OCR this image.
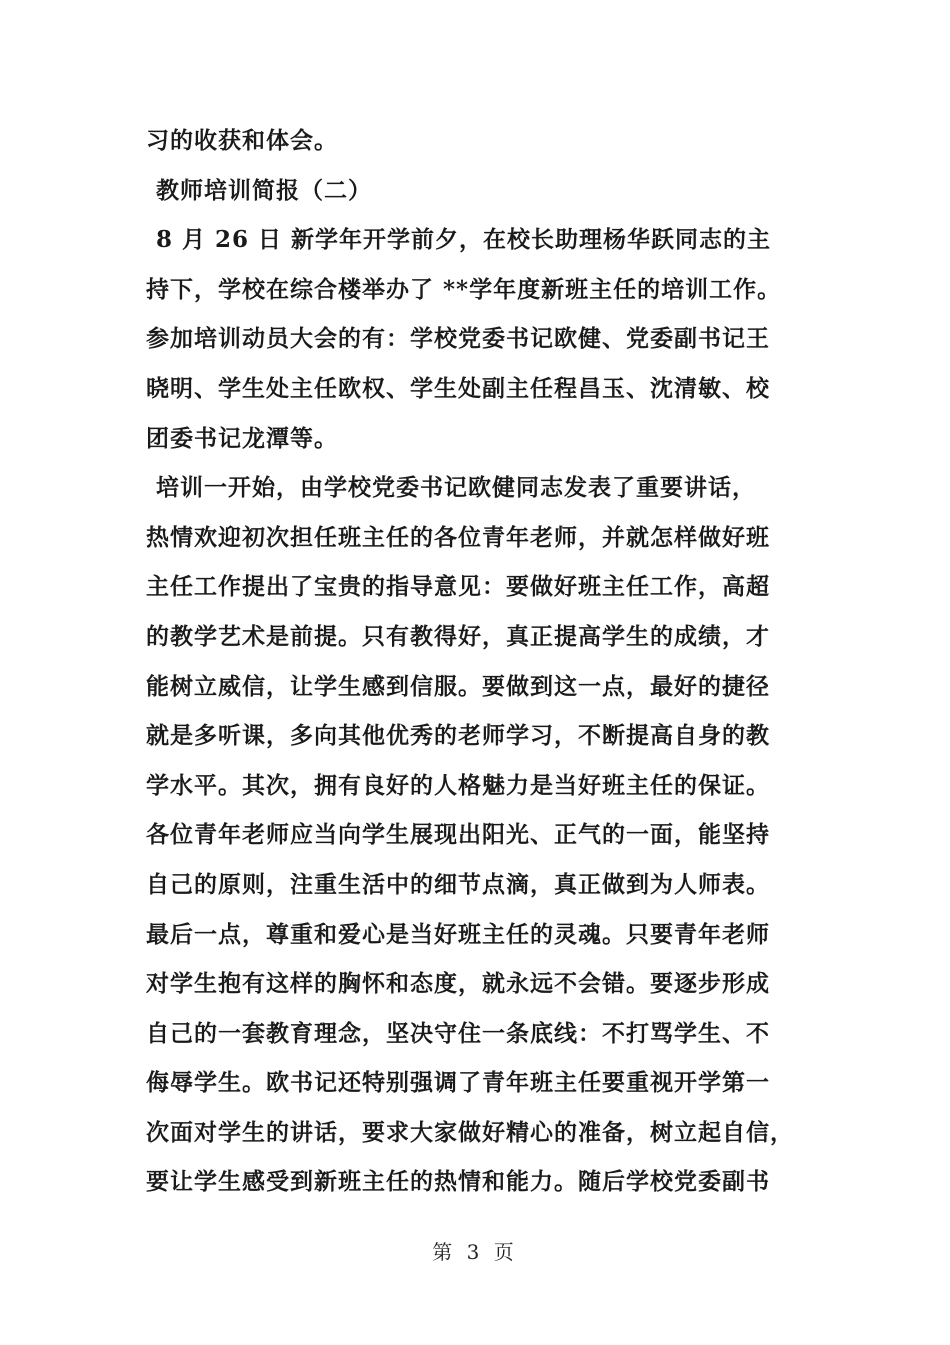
习的收获和体会。
教师培训简报（二）
8 月 26 日 新学年开学前夕，在校长助理杨华跃同志的主
持下，学校在综合楼举办了 **学年度新班主任的培训工作。
参加培训动员大会的有：学校党委书记欧健、党委副书记王
晓明、学生处主任欧权、学生处副主任程昌玉、沈清敏、校
团委书记龙潭等。
培训一开始，由学校党委书记欧健同志发表了重要讲话，
热情欢迎初次担任班主任的各位青年老师，并就怎样做好班
主任工作提出了宝贵的指导意见：要做好班主任工作，高超
的教学艺术是前提。只有教得好，真正提高学生的成绩，才
能树立威信，让学生感到信服。要做到这一点，最好的捷径
就是多听课，多向其他优秀的老师学习，不断提高自身的教
学水平。其次，拥有良好的人格魅力是当好班主任的保证。
各位青年老师应当向学生展现出阳光、正气的一面，能坚持
自己的原则，注重生活中的细节点滴，真正做到为人师表。
最后一点，尊重和爱心是当好班主任的灵魂。只要青年老师
对学生抱有这样的胸怀和态度，就永远不会错。要逐步形成
自己的一套教育理念，坚决守住一条底线：不打骂学生、不
侮辱学生。欧书记还特别强调了青年班主任要重视开学第一
次面对学生的讲话，要求大家做好精心的准备，树立起自信，
要让学生感受到新班主任的热情和能力。随后学校党委副书
第 3 页
